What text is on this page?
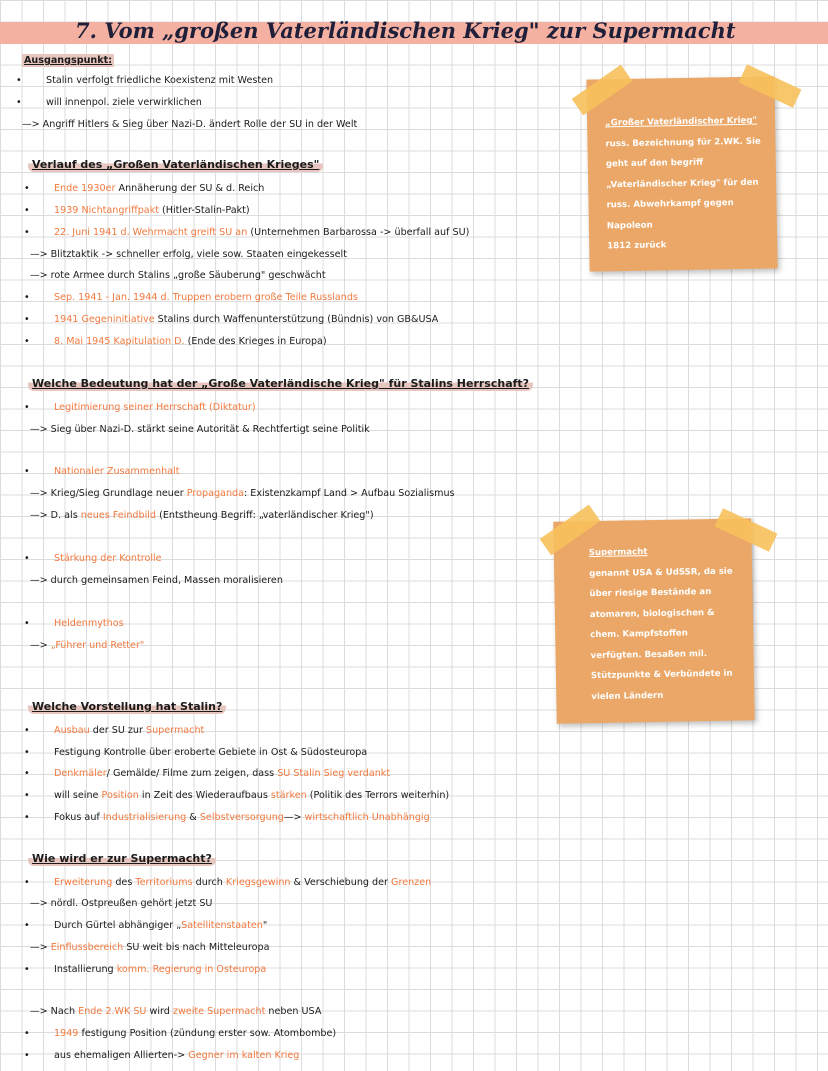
7. Vom „großen Vaterländischen Krieg" zur Supermacht
Ausgangspunkt:
• Stalin verfolgt friedliche Koexistenz mit Westen
• will innenpol. ziele verwirklichen
—> Angriff Hitlers & Sieg über Nazi-D. ändert Rolle der SU in der Welt
Verlauf des „Großen Vaterländischen Krieges"
• Ende 1930er Annäherung der SU & d. Reich
• 1939 Nichtangriffpakt (Hitler-Stalin-Pakt)
• 22. Juni 1941 d. Wehrmacht greift SU an (Unternehmen Barbarossa -> überfall auf SU)
—> Blitztaktik -> schneller erfolg, viele sow. Staaten eingekesselt
—> rote Armee durch Stalins „große Säuberung" geschwächt
• Sep. 1941 - Jan. 1944 d. Truppen erobern große Teile Russlands
• 1941 Gegeninitiative Stalins durch Waffenunterstützung (Bündnis) von GB&USA
• 8. Mai 1945 Kapitulation D. (Ende des Krieges in Europa)
Welche Bedeutung hat der „Große Vaterländische Krieg" für Stalins Herrschaft?
• Legitimierung seiner Herrschaft (Diktatur)
—> Sieg über Nazi-D. stärkt seine Autorität & Rechtfertigt seine Politik
• Nationaler Zusammenhalt
—> Krieg/Sieg Grundlage neuer Propaganda: Existenzkampf Land > Aufbau Sozialismus
—> D. als neues Feindbild (Entstheung Begriff: „vaterländischer Krieg")
• Stärkung der Kontrolle
—> durch gemeinsamen Feind, Massen moralisieren
• Heldenmythos
—> „Führer und Retter"
Welche Vorstellung hat Stalin?
• Ausbau der SU zur Supermacht
• Festigung Kontrolle über eroberte Gebiete in Ost & Südosteuropa
• Denkmäler/ Gemälde/ Filme zum zeigen, dass SU Stalin Sieg verdankt
• will seine Position in Zeit des Wiederaufbaus stärken (Politik des Terrors weiterhin)
• Fokus auf Industrialisierung & Selbstversorgung—> wirtschaftlich Unabhängig
Wie wird er zur Supermacht?
• Erweiterung des Territoriums durch Kriegsgewinn & Verschiebung der Grenzen
—> nördl. Ostpreußen gehört jetzt SU
• Durch Gürtel abhängiger „Satellitenstaaten"
—> Einflussbereich SU weit bis nach Mitteleuropa
• Installierung komm. Regierung in Osteuropa
—> Nach Ende 2.WK SU wird zweite Supermacht neben USA
• 1949 festigung Position (zündung erster sow. Atombombe)
• aus ehemaligen Allierten-> Gegner im kalten Krieg
„Großer Vaterländischer Krieg"
russ. Bezeichnung für 2.WK. Sie
geht auf den begriff
„Vaterländischer Krieg" für den
russ. Abwehrkampf gegen Napoleon
1812 zurück
Supermacht
genannt USA & UdSSR, da sie
über riesige Bestände an
atomaren, biologischen &
chem. Kampfstoffen
verfügten. Besaßen mil.
Stützpunkte & Verbündete in
vielen Ländern
